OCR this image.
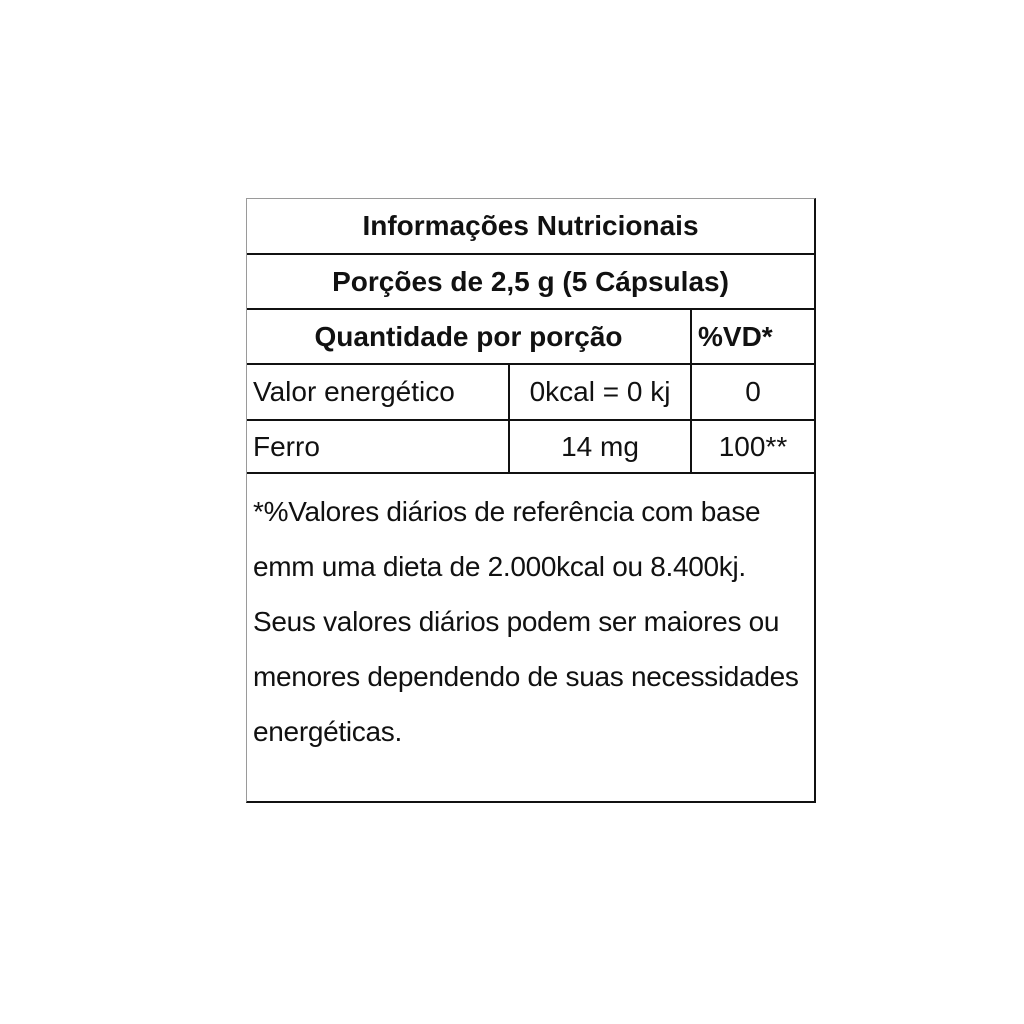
Informações Nutricionais
Porções de 2,5 g (5 Cápsulas)
Quantidade por porção	%VD*
Valor energético	0kcal = 0 kj	0
Ferro	14 mg	100**
*%Valores diários de referência com base emm uma dieta de 2.000kcal ou 8.400kj. Seus valores diários podem ser maiores ou menores dependendo de suas necessidades energéticas.
